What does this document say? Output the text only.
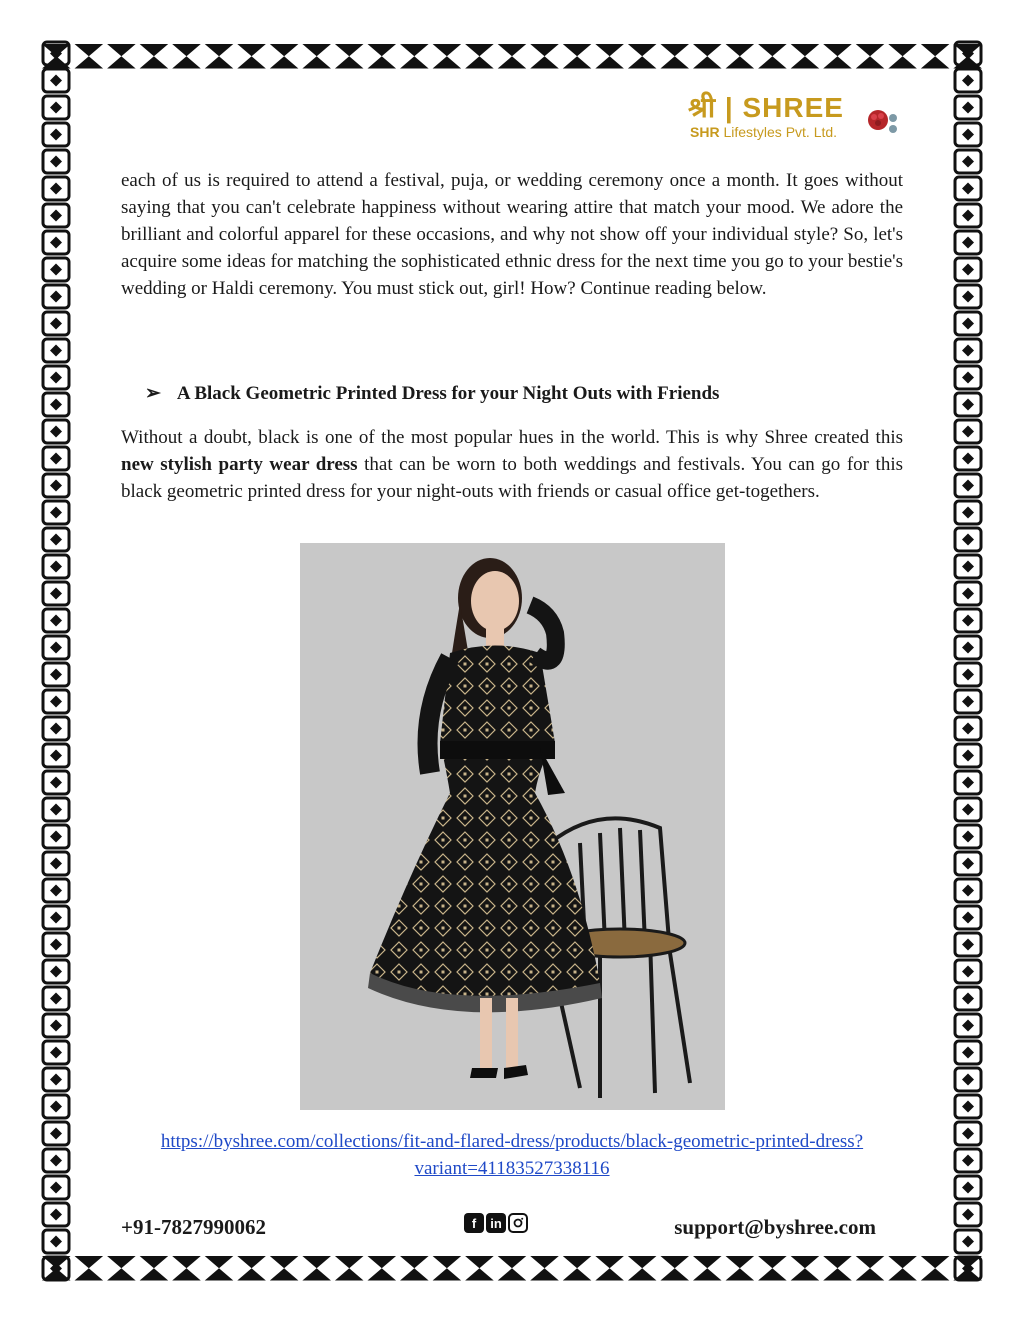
श्री | SHREE
SHR Lifestyles Pvt. Ltd.

each of us is required to attend a festival, puja, or wedding ceremony once a month. It goes without saying that you can't celebrate happiness without wearing attire that match your mood. We adore the brilliant and colorful apparel for these occasions, and why not show off your individual style? So, let's acquire some ideas for matching the sophisticated ethnic dress for the next time you go to your bestie's wedding or Haldi ceremony. You must stick out, girl! How? Continue reading below.

➢ A Black Geometric Printed Dress for your Night Outs with Friends

Without a doubt, black is one of the most popular hues in the world. This is why Shree created this new stylish party wear dress that can be worn to both weddings and festivals. You can go for this black geometric printed dress for your night-outs with friends or casual office get-togethers.

https://byshree.com/collections/fit-and-flared-dress/products/black-geometric-printed-dress?variant=41183527338116
+91-7827990062	f	in	support@byshree.com
